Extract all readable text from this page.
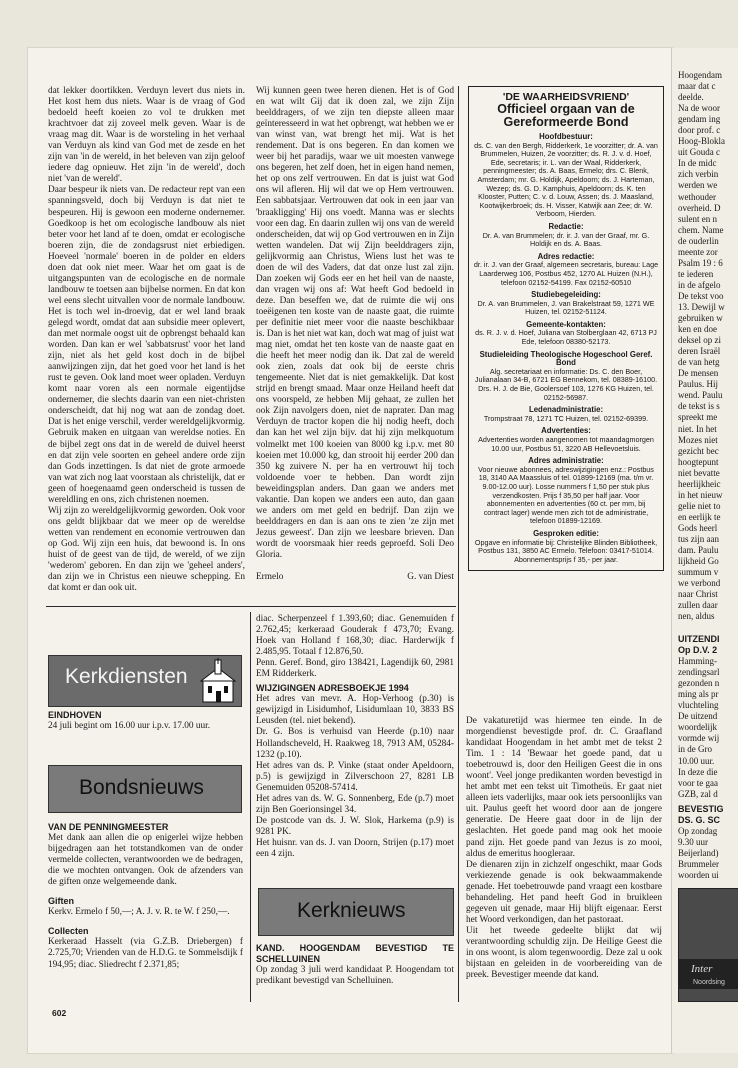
dat lekker doortikken. Verduyn levert dus niets in. Het kost hem dus niets. Waar is de vraag of God bedoeld heeft koeien zo vol te drukken met krachtvoer dat zij zoveel melk geven. Waar is de vraag mag dit. Waar is de worsteling in het verhaal van Verduyn als kind van God met de zesde en het zijn van 'in de wereld, in het beleven van zijn geloof iedere dag opnieuw. Het zijn 'in de wereld', doch niet 'van de wereld'.

Daar bespeur ik niets van. De redacteur rept van een spanningsveld, doch bij Verduyn is dat niet te bespeuren. Hij is gewoon een moderne ondernemer. Goedkoop is het om ecologische landbouw als niet beter voor het land af te doen, omdat er ecologische boeren zijn, die de zondagsrust niet erbiedigen. Hoeveel 'normale' boeren in de polder en elders doen dat ook niet meer. Waar het om gaat is de uitgangspunten van de ecologische en de normale landbouw te toetsen aan bijbelse normen. En dat kon wel eens slecht uitvallen voor de normale landbouw. Het is toch wel in-droevig, dat er wel land braak gelegd wordt, omdat dat aan subsidie meer oplevert, dan met normale oogst uit de opbrengst behaald kan worden. Dan kan er wel 'sabbatsrust' voor het land zijn, niet als het geld kost doch in de bijbel aanwijzingen zijn, dat het goed voor het land is het rust te geven. Ook land moet weer opladen. Verduyn komt naar voren als een normale eigentijdse ondernemer, die slechts daarin van een niet-christen onderscheidt, dat hij nog wat aan de zondag doet. Dat is het enige verschil, verder wereldgelijkvormig. Gebruik maken en uitgaan van wereldse noties. En de bijbel zegt ons dat in de wereld de duivel heerst en dat zijn vele soorten en geheel andere orde zijn dan Gods inzettingen. Is dat niet de grote armoede van wat zich nog laat voorstaan als christelijk, dat er geen of hoegenaamd geen onderscheid is tussen de wereldling en ons, zich christenen noemen.

Wij zijn zo wereldgelijkvormig geworden. Ook voor ons geldt blijkbaar dat we meer op de wereldse wetten van rendement en economie vertrouwen dan op God. Wij zijn een huis, dat bewoond is. In ons huist of de geest van de tijd, de wereld, of we zijn 'wederom' geboren. En dan zijn we 'geheel anders', dan zijn we in Christus een nieuwe schepping. En dat komt er dan ook uit.

Wij kunnen geen twee heren dienen. Het is of God en wat wilt Gij dat ik doen zal, we zijn Zijn beelddragers, of we zijn ten diepste alleen maar geïnteresseerd in wat het opbrengt, wat hebben we er van winst van, wat brengt het mij. Wat is het rendement. Dat is ons begeren. En dan komen we weer bij het paradijs, waar we uit moesten vanwege ons begeren, het zelf doen, het in eigen hand nemen, het op ons zelf vertrouwen. En dat is juist wat God ons wil afleren. Hij wil dat we op Hem vertrouwen. Een sabbatsjaar. Vertrouwen dat ook in een jaar van 'braakligging' Hij ons voedt. Manna was er slechts voor een dag. En daarin zullen wij ons van de wereld onderscheiden, dat wij op God vertrouwen en in Zijn wetten wandelen. Dat wij Zijn beelddragers zijn, gelijkvormig aan Christus, Wiens lust het was te doen de wil des Vaders, dat dat onze lust zal zijn. Dan zoeken wij Gods eer en het heil van de naaste, dan vragen wij ons af: Wat heeft God bedoeld in deze. Dan beseffen we, dat de ruimte die wij ons toeëigenen ten koste van de naaste gaat, die ruimte per definitie niet meer voor die naaste beschikbaar is. Dan is het niet wat kan, doch wat mag of juist wat mag niet, omdat het ten koste van de naaste gaat en die heeft het meer nodig dan ik. Dat zal de wereld ook zien, zoals dat ook bij de eerste chris tengemeente. Niet dat is niet gemakkelijk. Dat kost strijd en brengt smaad. Maar onze Heiland heeft dat ons voorspeld, ze hebben Mij gehaat, ze zullen het ook Zijn navolgers doen, niet de naprater. Dan mag Verduyn de tractor kopen die hij nodig heeft, doch dan kan het wel zijn bijv. dat hij zijn melkquotum volmelkt met 100 koeien van 8000 kg i.p.v. met 80 koeien met 10.000 kg, dan strooit hij eerder 200 dan 350 kg zuivere N. per ha en vertrouwt hij toch voldoende voer te hebben. Dan wordt zijn beweidingsplan anders. Dan gaan we anders met vakantie. Dan kopen we anders een auto, dan gaan we anders om met geld en bedrijf. Dan zijn we beelddragers en dan is aan ons te zien 'ze zijn met Jezus geweest'. Dan zijn we leesbare brieven. Dan wordt de voorsmaak hier reeds geproefd. Soli Deo Gloria.

Ermelo	G. van Diest
'DE WAARHEIDSVRIEND'
Officieel orgaan van de Gereformeerde Bond
Hoofdbestuur:
ds. C. van den Bergh, Ridderkerk, 1e voorzitter; dr. A. van Brummelen, Huizen, 2e voorzitter; ds. R. J. v. d. Hoef, Ede, secretaris; ir. L. van der Waal, Ridderkerk, penningmeester; ds. A. Baas, Ermelo; drs. C. Blenk, Amsterdam; mr. G. Holdijk, Apeldoorn; ds. J. Harteman, Wezep; ds. G. D. Kamphuis, Apeldoorn; ds. K. ten Klooster, Putten; C. v. d. Louw, Assen; ds. J. Maasland, Kootwijkerbroek; ds. H. Visser, Katwijk aan Zee; dr. W. Verboom, Hierden.
Redactie:
Dr. A. van Brummelen; dr. ir. J. van der Graaf, mr. G. Holdijk en ds. A. Baas.
Adres redactie:
dr. ir. J. van der Graaf, algemeen secretaris, bureau: Lage Laarderweg 106, Postbus 452, 1270 AL Huizen (N.H.), telefoon 02152-54199. Fax 02152-60510
Studiebegeleiding:
Dr. A. van Brummelen, J. van Brakelstraat 59, 1271 WE Huizen, tel. 02152-51124.
Gemeente-kontakten:
ds. R. J. v. d. Hoef, Juliana van Stolberglaan 42, 6713 PJ Ede, telefoon 08380-52173.
Studieleiding Theologische Hogeschool Geref. Bond
Alg. secretariaat en informatie: Ds. C. den Boer, Julianalaan 34-B, 6721 EG Bennekom, tel. 08389-16100. Drs. H. J. de Bie, Goolersoef 103, 1276 KG Huizen, tel. 02152-56987.
Ledenadministratie:
Trompstraat 78, 1271 TC Huizen, tel. 02152-69399.
Advertenties:
Advertenties worden aangenomen tot maandagmorgen 10.00 uur, Postbus 51, 3220 AB Hellevoetsluis.
Adres administratie:
Voor nieuwe abonnees, adreswijzigingen enz.: Postbus 18, 3140 AA Maassluis of tel. 01899-12169 (ma. t/m vr. 9.00-12.00 uur). Losse nummers f 1,50 per stuk plus verzendkosten. Prijs f 35,50 per half jaar. Voor abonnementen en advertenties (60 ct. per mm, bij contract lager) wende men zich tot de administratie, telefoon 01899-12169.
Gesproken editie:
Opgave en informatie bij: Christelijke Blinden Bibliotheek, Postbus 131, 3850 AC Ermelo. Telefoon: 03417-51014. Abonnementsprijs f 35,- per jaar.
Kerkdiensten
EINDHOVEN

24 juli begint om 16.00 uur i.p.v. 17.00 uur.

Bondsnieuws
VAN DE PENNINGMEESTER

Met dank aan allen die op enigerlei wijze hebben bijgedragen aan het totstandkomen van de onder vermelde collecten, verantwoorden we de bedragen, die we mochten ontvangen. Ook de afzenders van de giften onze welgemeende dank.

Giften

Kerkv. Ermelo f 50,—; A. J. v. R. te W. f 250,—.

Collecten

Kerkeraad Hasselt (via G.Z.B. Driebergen) f 2.725,70; Vrienden van de H.D.G. te Sommelsdijk f 194,95; diac. Sliedrecht f 2.371,85;

diac. Scherpenzeel f 1.393,60; diac. Genemuiden f 2.762,45; kerkeraad Gouderak f 473,70; Evang. Hoek van Holland f 168,30; diac. Harderwijk f 2.485,95. Totaal f 12.876,50.

Penn. Geref. Bond, giro 138421, Lagendijk 60, 2981 EM Ridderkerk.

WIJZIGINGEN ADRESBOEKJE 1994

Het adres van mevr. A. Hop-Verhoog (p.30) is gewijzigd in Lisidumhof, Lisidumlaan 10, 3833 BS Leusden (tel. niet bekend).

Dr. G. Bos is verhuisd van Heerde (p.10) naar Hollandscheveld, H. Raakweg 18, 7913 AM, 05284-1232 (p.10).

Het adres van ds. P. Vinke (staat onder Apeldoorn, p.5) is gewijzigd in Zilverschoon 27, 8281 LB Genemuiden 05208-57414.

Het adres van ds. W. G. Sonnenberg, Ede (p.7) moet zijn Ben Goerionsingel 34.

De postcode van ds. J. W. Slok, Harkema (p.9) is 9281 PK.

Het huisnr. van ds. J. van Doorn, Strijen (p.17) moet een 4 zijn.

Kerknieuws
KAND. HOOGENDAM BEVESTIGD TE SCHELLUINEN

Op zondag 3 juli werd kandidaat P. Hoogendam tot predikant bevestigd van Schelluinen.

De vakaturetijd was hiermee ten einde. In de morgendienst bevestigde prof. dr. C. Graafland kandidaat Hoogendam in het ambt met de tekst 2 Tim. 1 : 14 'Bewaar het goede pand, dat u toebetrouwd is, door den Heiligen Geest die in ons woont'. Veel jonge predikanten worden bevestigd in het ambt met een tekst uit Timotheüs. Er gaat niet alleen iets vaderlijks, maar ook iets persoonlijks van uit. Paulus geeft het woord door aan de jongere generatie. De Heere gaat door in de lijn der geslachten. Het goede pand mag ook het mooie pand zijn. Het goede pand van Jezus is zo mooi, aldus de emeritus hoogleraar.

De dienaren zijn in zichzelf ongeschikt, maar Gods verkiezende genade is ook bekwaammakende genade. Het toebetrouwde pand vraagt een kostbare behandeling. Het pand heeft God in bruikleen gegeven uit genade, maar Hij blijft eigenaar. Eerst het Woord verkondigen, dan het pastoraat.

Uit het tweede gedeelte blijkt dat wij verantwoording schuldig zijn. De Heilige Geest die in ons woont, is alom tegenwoordig. Deze zal u ook bijstaan en geleiden in de voorbereiding van de preek. Bevestiger meende dat kand.

602
Hoogendam
maar dat c
deelde.
Na de woor
gendam ing
door prof. c
Hoog-Blokla
uit Gouda c
In de midc
zich verbin
werden we
wethouder
overheid. D
sulent en n
chem. Name
de ouderlin
meente zor
Psalm 19 : 6
te iederen
in de afgelo
De tekst voo
13. Dewijl w
gebruiken w
ken en doe
deksel op zi
deren Israël
de van hetg
De mensen
Paulus. Hij
wend. Paulu
de tekst is s
spreekt me
niet. In het
Mozes niet
gezicht bec
hoogtepunt
niet bevatte
heerlijkheic
in het nieuw
gelie niet to
en eerlijk te
Gods heerl
tus zijn aan
dam. Paulu
lijkheid Go
summum v
we verbond
naar Christ
zullen daar
nen, aldus
UITZENDI
Op D.V. 2
Hamming-
zendingsarl
gezonden n
ming als pr
vluchteling
De uitzend
woordelijk
vormde wij
in de Gro
10.00 uur.
In deze die
voor te gaa
GZB, zal d
BEVESTIG
DS. G. SC
Op zondag
9.30 uur
Beijerland)
Brummeler
woorden ui
Inter
Noordsing
